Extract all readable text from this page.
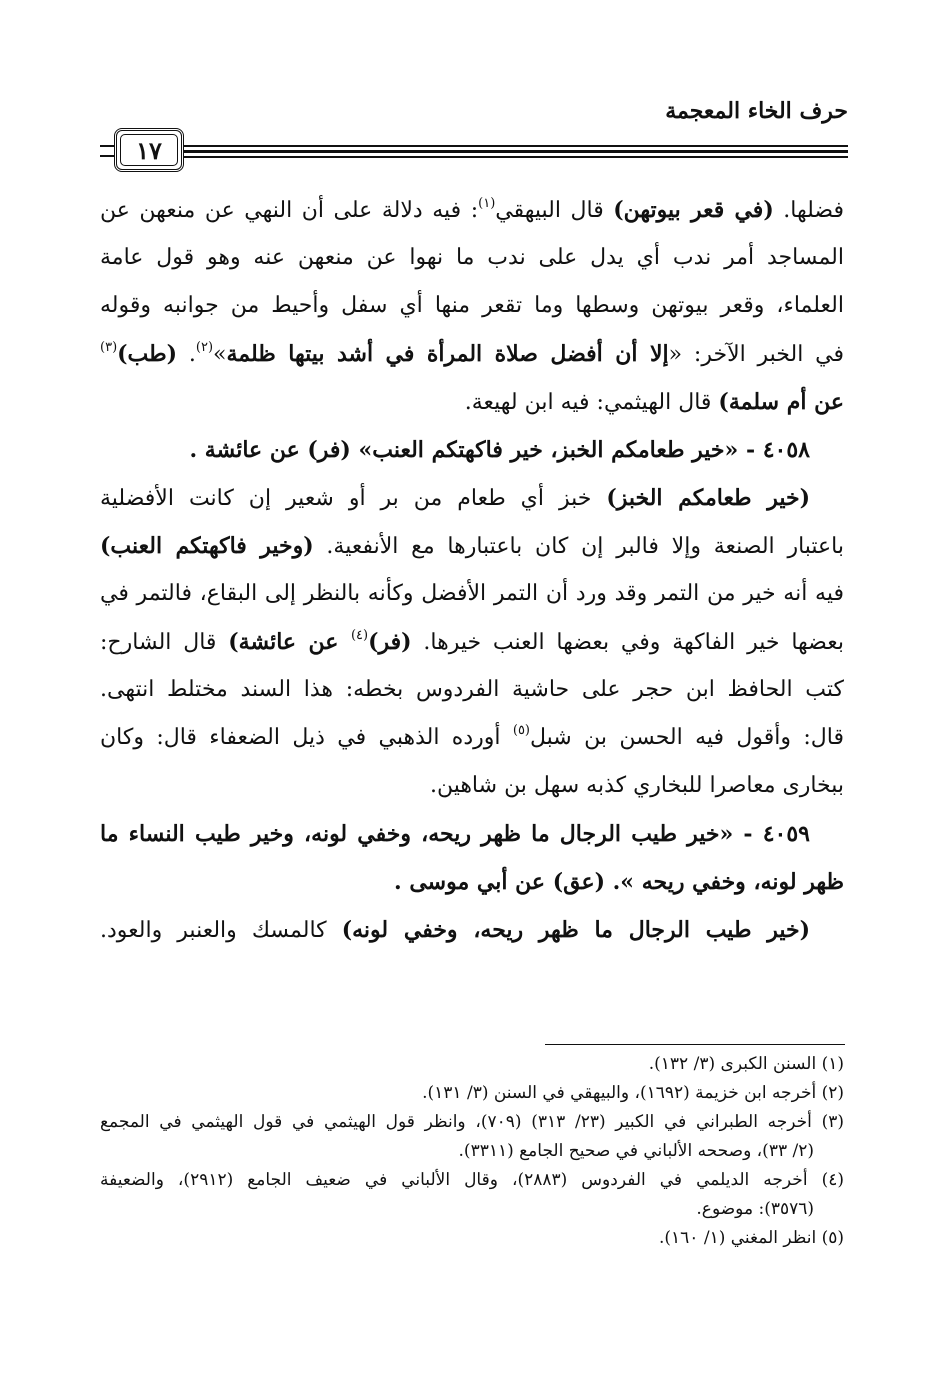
حرف الخاء المعجمة
١٧
فضلها. (في قعر بيوتهن) قال البيهقي$^{(١)}$: فيه دلالة على أن النهي عن منعهن عن
المساجد أمر ندب أي يدل على ندب ما نهوا عن منعهن عنه وهو قول عامة
العلماء، وقعر بيوتهن وسطها وما تقعر منها أي سفل وأحيط من جوانبه وقوله
في الخبر الآخر: «إلا أن أفضل صلاة المرأة في أشد بيتها ظلمة»$^{(٢)}$. (طب)$^{(٣)}$
عن أم سلمة) قال الهيثمي: فيه ابن لهيعة.
٤٠٥٨ - «خير طعامكم الخبز، خير فاكهتكم العنب» (فر) عن عائشة .
(خير طعامكم الخبز) خبز أي طعام من بر أو شعير إن كانت الأفضلية
باعتبار الصنعة وإلا فالبر إن كان باعتبارها مع الأنفعية. (وخير فاكهتكم العنب)
فيه أنه خير من التمر وقد ورد أن التمر الأفضل وكأنه بالنظر إلى البقاع، فالتمر في
بعضها خير الفاكهة وفي بعضها العنب خيرها. (فر)$^{(٤)}$ عن عائشة) قال الشارح:
كتب الحافظ ابن حجر على حاشية الفردوس بخطه: هذا السند مختلط انتهى.
قال: وأقول فيه الحسن بن شبل$^{(٥)}$ أورده الذهبي في ذيل الضعفاء قال: وكان
ببخارى معاصرا للبخاري كذبه سهل بن شاهين.
٤٠٥٩ - «خير طيب الرجال ما ظهر ريحه، وخفي لونه، وخير طيب النساء ما
ظهر لونه، وخفي ريحه ». (عق) عن أبي موسى .
(خير طيب الرجال ما ظهر ريحه، وخفي لونه) كالمسك والعنبر والعود.
(١) السنن الكبرى (٣/ ١٣٢).
(٢) أخرجه ابن خزيمة (١٦٩٢)، والبيهقي في السنن (٣/ ١٣١).
(٣) أخرجه الطبراني في الكبير (٢٣/ ٣١٣) (٧٠٩)، وانظر قول الهيثمي في قول الهيثمي في المجمع
(٢/ ٣٣)، وصححه الألباني في صحيح الجامع (٣٣١١).
(٤) أخرجه الديلمي في الفردوس (٢٨٨٣)، وقال الألباني في ضعيف الجامع (٢٩١٢)، والضعيفة
(٣٥٧٦): موضوع.
(٥) انظر المغني (١/ ١٦٠).
